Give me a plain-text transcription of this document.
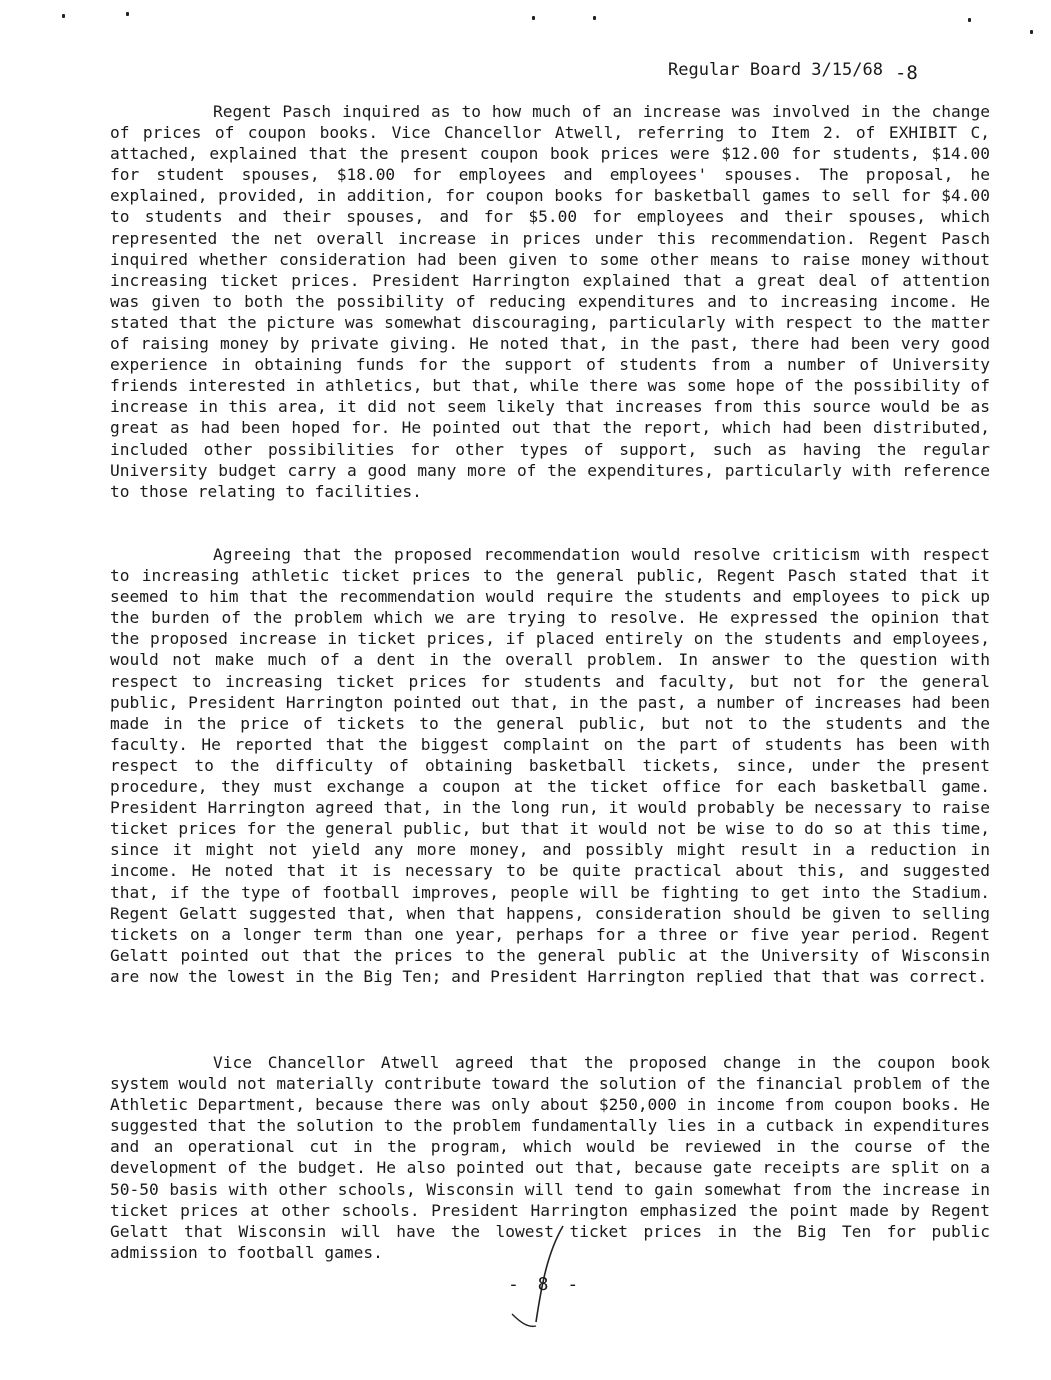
Regular Board 3/15/68 -8

Regent Pasch inquired as to how much of an increase was involved in the change of prices of coupon books. Vice Chancellor Atwell, referring to Item 2. of EXHIBIT C, attached, explained that the present coupon book prices were $12.00 for students, $14.00 for student spouses, $18.00 for employees and employees' spouses. The proposal, he explained, provided, in addition, for coupon books for basketball games to sell for $4.00 to students and their spouses, and for $5.00 for employees and their spouses, which represented the net overall increase in prices under this recommendation. Regent Pasch inquired whether consideration had been given to some other means to raise money without increasing ticket prices. President Harrington explained that a great deal of attention was given to both the possibility of reducing expenditures and to increasing income. He stated that the picture was somewhat discouraging, particularly with respect to the matter of raising money by private giving. He noted that, in the past, there had been very good experience in obtaining funds for the support of students from a number of University friends interested in athletics, but that, while there was some hope of the possibility of increase in this area, it did not seem likely that increases from this source would be as great as had been hoped for. He pointed out that the report, which had been distributed, included other possibilities for other types of support, such as having the regular University budget carry a good many more of the expenditures, particularly with reference to those relating to facilities.

Agreeing that the proposed recommendation would resolve criticism with respect to increasing athletic ticket prices to the general public, Regent Pasch stated that it seemed to him that the recommendation would require the students and employees to pick up the burden of the problem which we are trying to resolve. He expressed the opinion that the proposed increase in ticket prices, if placed entirely on the students and employees, would not make much of a dent in the overall problem. In answer to the question with respect to increasing ticket prices for students and faculty, but not for the general public, President Harrington pointed out that, in the past, a number of increases had been made in the price of tickets to the general public, but not to the students and the faculty. He reported that the biggest complaint on the part of students has been with respect to the difficulty of obtaining basketball tickets, since, under the present procedure, they must exchange a coupon at the ticket office for each basketball game. President Harrington agreed that, in the long run, it would probably be necessary to raise ticket prices for the general public, but that it would not be wise to do so at this time, since it might not yield any more money, and possibly might result in a reduction in income. He noted that it is necessary to be quite practical about this, and suggested that, if the type of football improves, people will be fighting to get into the Stadium. Regent Gelatt suggested that, when that happens, consideration should be given to selling tickets on a longer term than one year, perhaps for a three or five year period. Regent Gelatt pointed out that the prices to the general public at the University of Wisconsin are now the lowest in the Big Ten; and President Harrington replied that that was correct.

Vice Chancellor Atwell agreed that the proposed change in the coupon book system would not materially contribute toward the solution of the financial problem of the Athletic Department, because there was only about $250,000 in income from coupon books. He suggested that the solution to the problem fundamentally lies in a cutback in expenditures and an operational cut in the program, which would be reviewed in the course of the development of the budget. He also pointed out that, because gate receipts are split on a 50-50 basis with other schools, Wisconsin will tend to gain somewhat from the increase in ticket prices at other schools. President Harrington emphasized the point made by Regent Gelatt that Wisconsin will have the lowest ticket prices in the Big Ten for public admission to football games.

- 8 -
